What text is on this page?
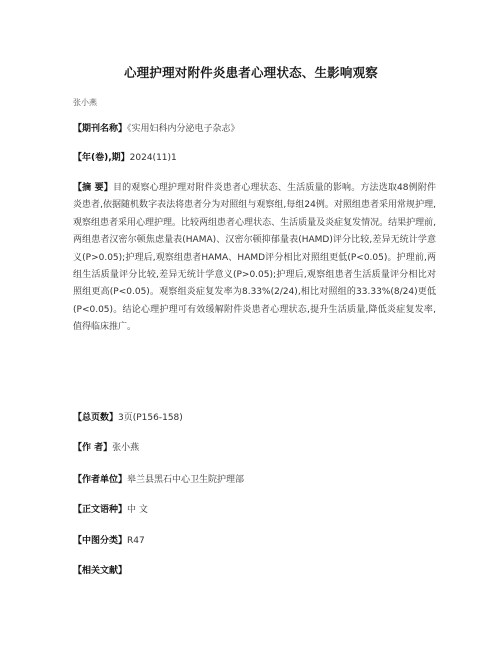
心理护理对附件炎患者心理状态、生影响观察
张小燕
【期刊名称】《实用妇科内分泌电子杂志》
【年(卷),期】2024(11)1
【摘 要】目的观察心理护理对附件炎患者心理状态、生活质量的影响。方法选取48例附件炎患者,依据随机数字表法将患者分为对照组与观察组,每组24例。对照组患者采用常规护理,观察组患者采用心理护理。比较两组患者心理状态、生活质量及炎症复发情况。结果护理前,两组患者汉密尔顿焦虑量表(HAMA)、汉密尔顿抑郁量表(HAMD)评分比较,差异无统计学意义(P>0.05);护理后,观察组患者HAMA、HAMD评分相比对照组更低(P<0.05)。护理前,两组生活质量评分比较,差异无统计学意义(P>0.05);护理后,观察组患者生活质量评分相比对照组更高(P<0.05)。观察组炎症复发率为8.33%(2/24),相比对照组的33.33%(8/24)更低(P<0.05)。结论心理护理可有效缓解附件炎患者心理状态,提升生活质量,降低炎症复发率,值得临床推广。
【总页数】3页(P156-158)
【作 者】张小燕
【作者单位】皋兰县黑石中心卫生院护理部
【正文语种】中 文
【中图分类】R47
【相关文献】
